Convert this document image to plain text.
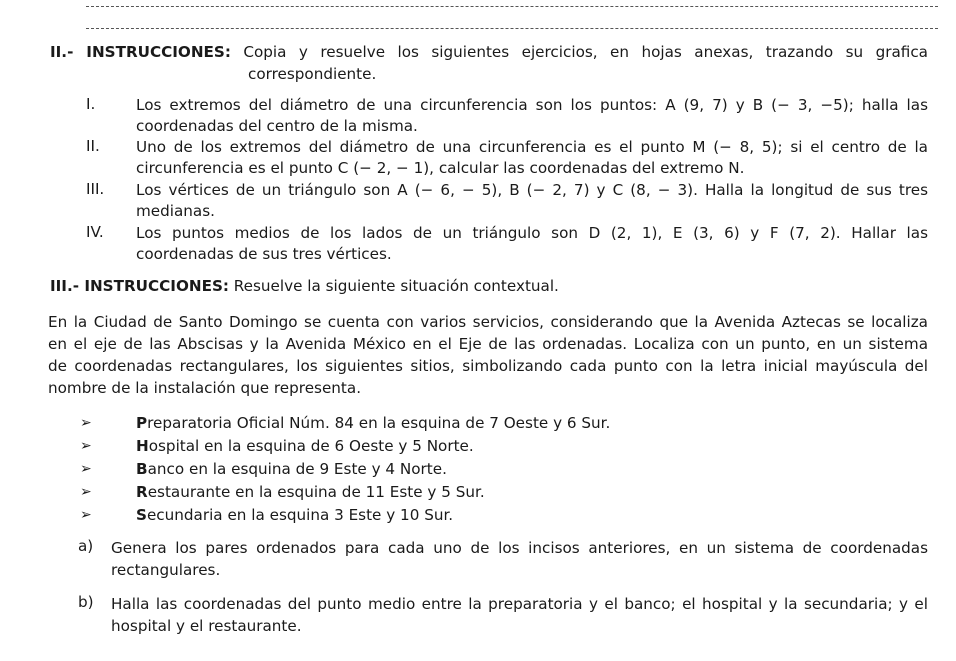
II.- INSTRUCCIONES: Copia y resuelve los siguientes ejercicios, en hojas anexas, trazando su grafica
correspondiente.
I.	Los extremos del diámetro de una circunferencia son los puntos: A (9, 7) y B (− 3, −5); halla las
coordenadas del centro de la misma.
II. Uno de los extremos del diámetro de una circunferencia es el punto M (− 8, 5); si el centro de la
circunferencia es el punto C (− 2, − 1), calcular las coordenadas del extremo N.
III. Los vértices de un triángulo son A (− 6, − 5), B (− 2, 7) y C (8, − 3). Halla la longitud de sus tres
medianas.
IV. Los puntos medios de los lados de un triángulo son D (2, 1), E (3, 6) y F (7, 2). Hallar las
coordenadas de sus tres vértices.
III.- INSTRUCCIONES: Resuelve la siguiente situación contextual.
En la Ciudad de Santo Domingo se cuenta con varios servicios, considerando que la Avenida Aztecas se localiza
en el eje de las Abscisas y la Avenida México en el Eje de las ordenadas. Localiza con un punto, en un sistema
de coordenadas rectangulares, los siguientes sitios, simbolizando cada punto con la letra inicial mayúscula del
nombre de la instalación que representa.
➢	Preparatoria Oficial Núm. 84 en la esquina de 7 Oeste y 6 Sur.
➢	Hospital en la esquina de 6 Oeste y 5 Norte.
➢	Banco en la esquina de 9 Este y 4 Norte.
➢	Restaurante en la esquina de 11 Este y 5 Sur.
➢	Secundaria en la esquina 3 Este y 10 Sur.
a) Genera los pares ordenados para cada uno de los incisos anteriores, en un sistema de coordenadas
rectangulares.
b) Halla las coordenadas del punto medio entre la preparatoria y el banco; el hospital y la secundaria; y el
hospital y el restaurante.
